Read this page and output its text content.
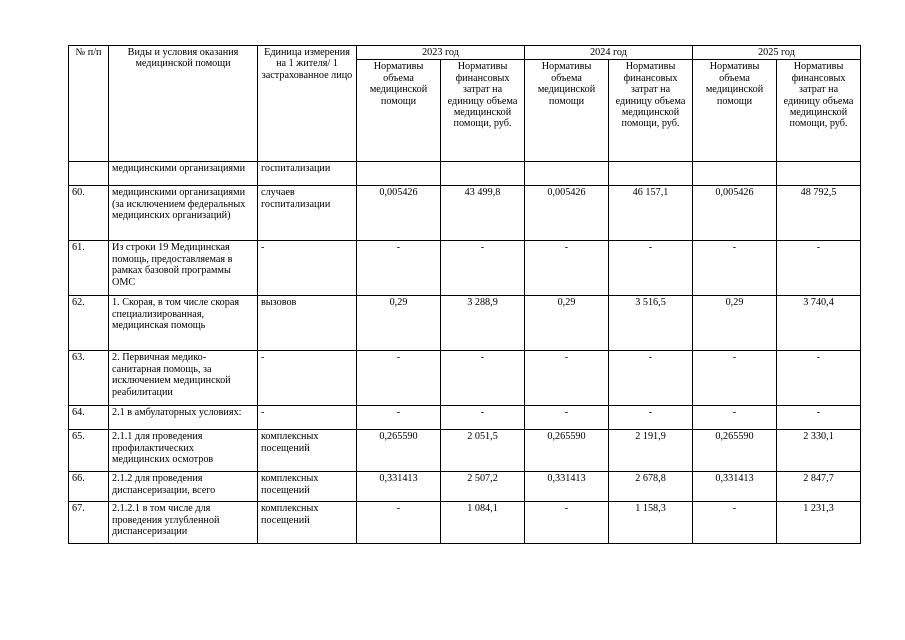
№ п/п	Виды и условия оказания медицинской помощи	Единица измерения на 1 жителя/ 1 застрахованное лицо	2023 год		2024 год		2025 год	
			Нормативы объема медицинской помощи	Нормативы финансовых затрат на единицу объема медицинской помощи, руб.	Нормативы объема медицинской помощи	Нормативы финансовых затрат на единицу объема медицинской помощи, руб.	Нормативы объема медицинской помощи	Нормативы финансовых затрат на единицу объема медицинской помощи, руб.
	медицинскими организациями	госпитализации						
60.	медицинскими организациями (за исключением федеральных медицинских организаций)	случаев госпитализации	0,005426	43 499,8	0,005426	46 157,1	0,005426	48 792,5
61.	Из строки 19 Медицинская помощь, предоставляемая в рамках базовой программы ОМС	-	-	-	-	-	-	-
62.	1. Скорая, в том числе скорая специализированная, медицинская помощь	вызовов	0,29	3 288,9	0,29	3 516,5	0,29	3 740,4
63.	2. Первичная медико-санитарная помощь, за исключением медицинской реабилитации	-	-	-	-	-	-	-
64.	2.1 в амбулаторных условиях:	-	-	-	-	-	-	-
65.	2.1.1 для проведения профилактических медицинских осмотров	комплексных посещений	0,265590	2 051,5	0,265590	2 191,9	0,265590	2 330,1
66.	2.1.2 для проведения диспансеризации, всего	комплексных посещений	0,331413	2 507,2	0,331413	2 678,8	0,331413	2 847,7
67.	2.1.2.1 в том числе для проведения углубленной диспансеризации	комплексных посещений	-	1 084,1	-	1 158,3	-	1 231,3
